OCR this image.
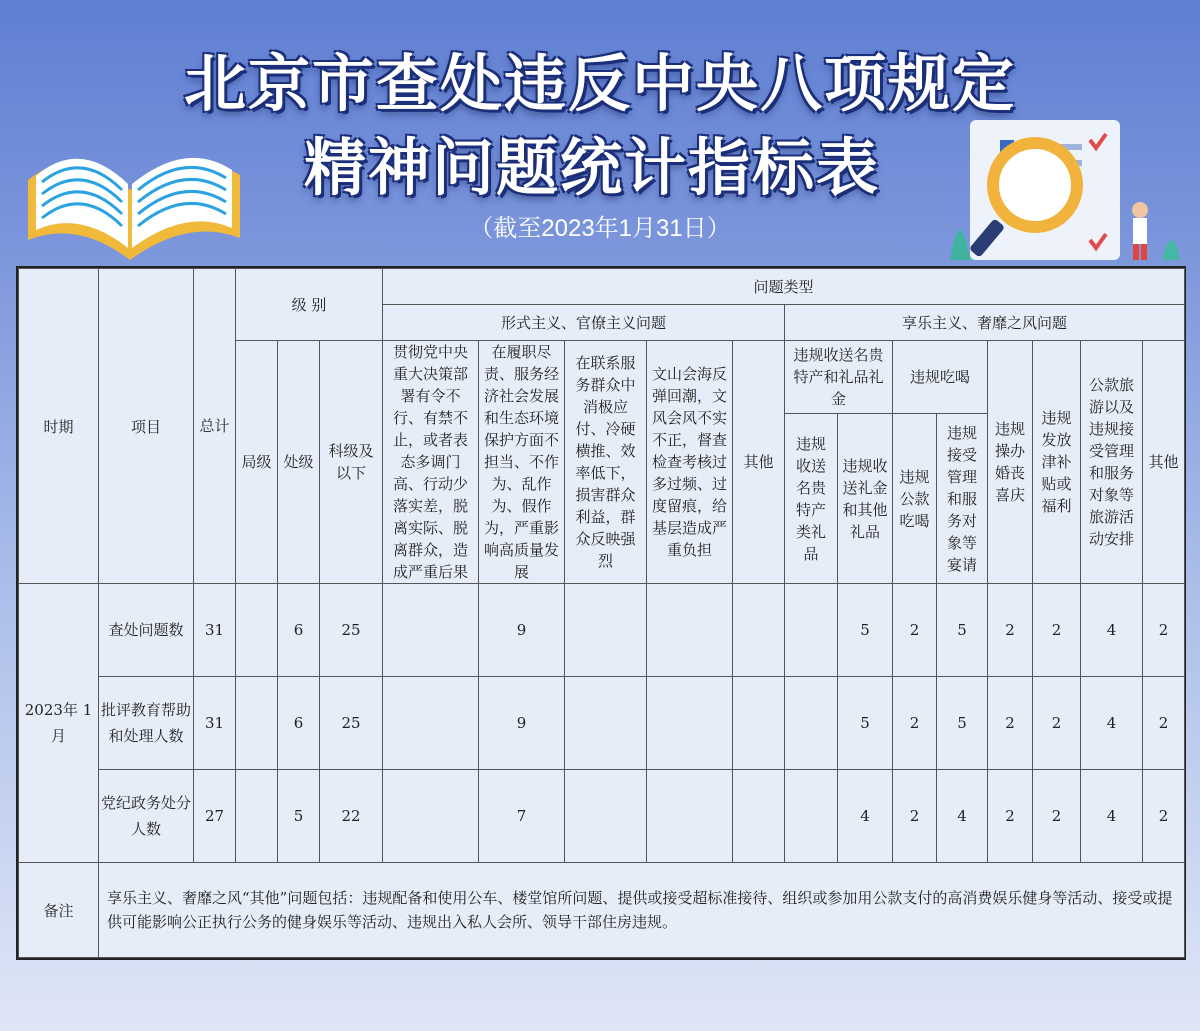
北京市查处违反中央八项规定
精神问题统计指标表
（截至2023年1月31日）
时期	项目	总计	级 别			问题类型												
						形式主义、官僚主义问题					享乐主义、奢靡之风问题							
			局级	处级	科级及以下	贯彻党中央重大决策部署有令不行、有禁不止，或者表态多调门高、行动少落实差，脱离实际、脱离群众，造成严重后果	在履职尽责、服务经济社会发展和生态环境保护方面不担当、不作为、乱作为、假作为，严重影响高质量发展	在联系服务群众中消极应付、冷硬横推、效率低下，损害群众利益，群众反映强烈	文山会海反弹回潮，文风会风不实不正，督查检查考核过多过频、过度留痕，给基层造成严重负担	其他	违规收送名贵特产和礼品礼金		违规吃喝		违规操办婚丧喜庆	违规发放津补贴或福利	公款旅游以及违规接受管理和服务对象等旅游活动安排	其他
											违规收送名贵特产类礼品	违规收送礼金和其他礼品	违规公款吃喝	违规接受管理和服务对象等宴请				
2023年 1月	查处问题数	31		6	25		9					5	2	5	2	2	4	2
	批评教育帮助和处理人数	31		6	25		9					5	2	5	2	2	4	2
	党纪政务处分人数	27		5	22		7					4	2	4	2	2	4	2
备注	享乐主义、奢靡之风“其他”问题包括：违规配备和使用公车、楼堂馆所问题、提供或接受超标准接待、组织或参加用公款支付的高消费娱乐健身等活动、接受或提供可能影响公正执行公务的健身娱乐等活动、违规出入私人会所、领导干部住房违规。																	
